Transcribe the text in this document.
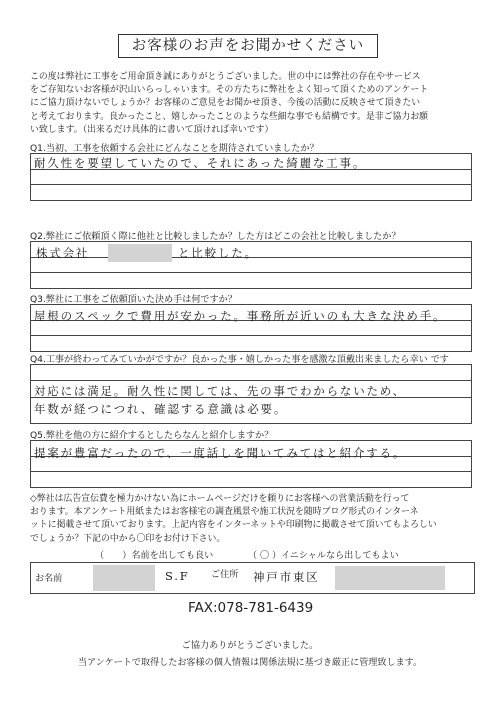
お客様のお声をお聞かせください
この度は弊社に工事をご用命頂き誠にありがとうございました。世の中には弊社の存在やサービス
をご存知ないお客様が沢山いらっしゃいます。その方たちに弊社をよく知って頂くためのアンケート
にご協力頂けないでしょうか？お客様のご意見をお聞かせ頂き、今後の活動に反映させて頂きたい
と考えております。良かったこと、嬉しかったことのような些細な事でも結構です。是非ご協力お願
い致します。（出来るだけ具体的に書いて頂ければ幸いです）
Q1.当初、工事を依頼する会社にどんなことを期待されていましたか？
耐久性を要望していたので、それにあった綺麗な工事。
Q2.弊社にご依頼頂く際に他社と比較しましたか？した方はどこの会社と比較しましたか？
株式会社	と比較した。
Q3.弊社に工事をご依頼頂いた決め手は何ですか？
屋根のスペックで費用が安かった。事務所が近いのも大きな決め手。
Q4.工事が終わってみていかがですか？良かった事・嬉しかった事を感激な頂戴出来ましたら幸い です
対応には満足。耐久性に関しては、先の事でわからないため、
年数が経つにつれ、確認する意識は必要。
Q5.弊社を他の方に紹介するとしたらなんと紹介しますか？
提案が豊富だったので、一度話しを聞いてみてはと紹介する。
◇弊社は広告宣伝費を極力かけない為にホームページだけを頼りにお客様への営業活動を行って
おります。本アンケート用紙またはお客様宅の調査風景や施工状況を随時ブログ形式のインターネ
ットに掲載させて頂いております。上記内容をインターネットや印刷物に掲載させて頂いてもよろしい
でしょうか？下記の中から〇印をお付け下さい。
（　　）名前を出しても良い	（ 〇 ）イニシャルなら出してもよい
お名前	S.F ご住所 神戸市東区
FAX:078-781-6439
ご協力ありがとうございました。
当アンケートで取得したお客様の個人情報は関係法規に基づき厳正に管理致します。
